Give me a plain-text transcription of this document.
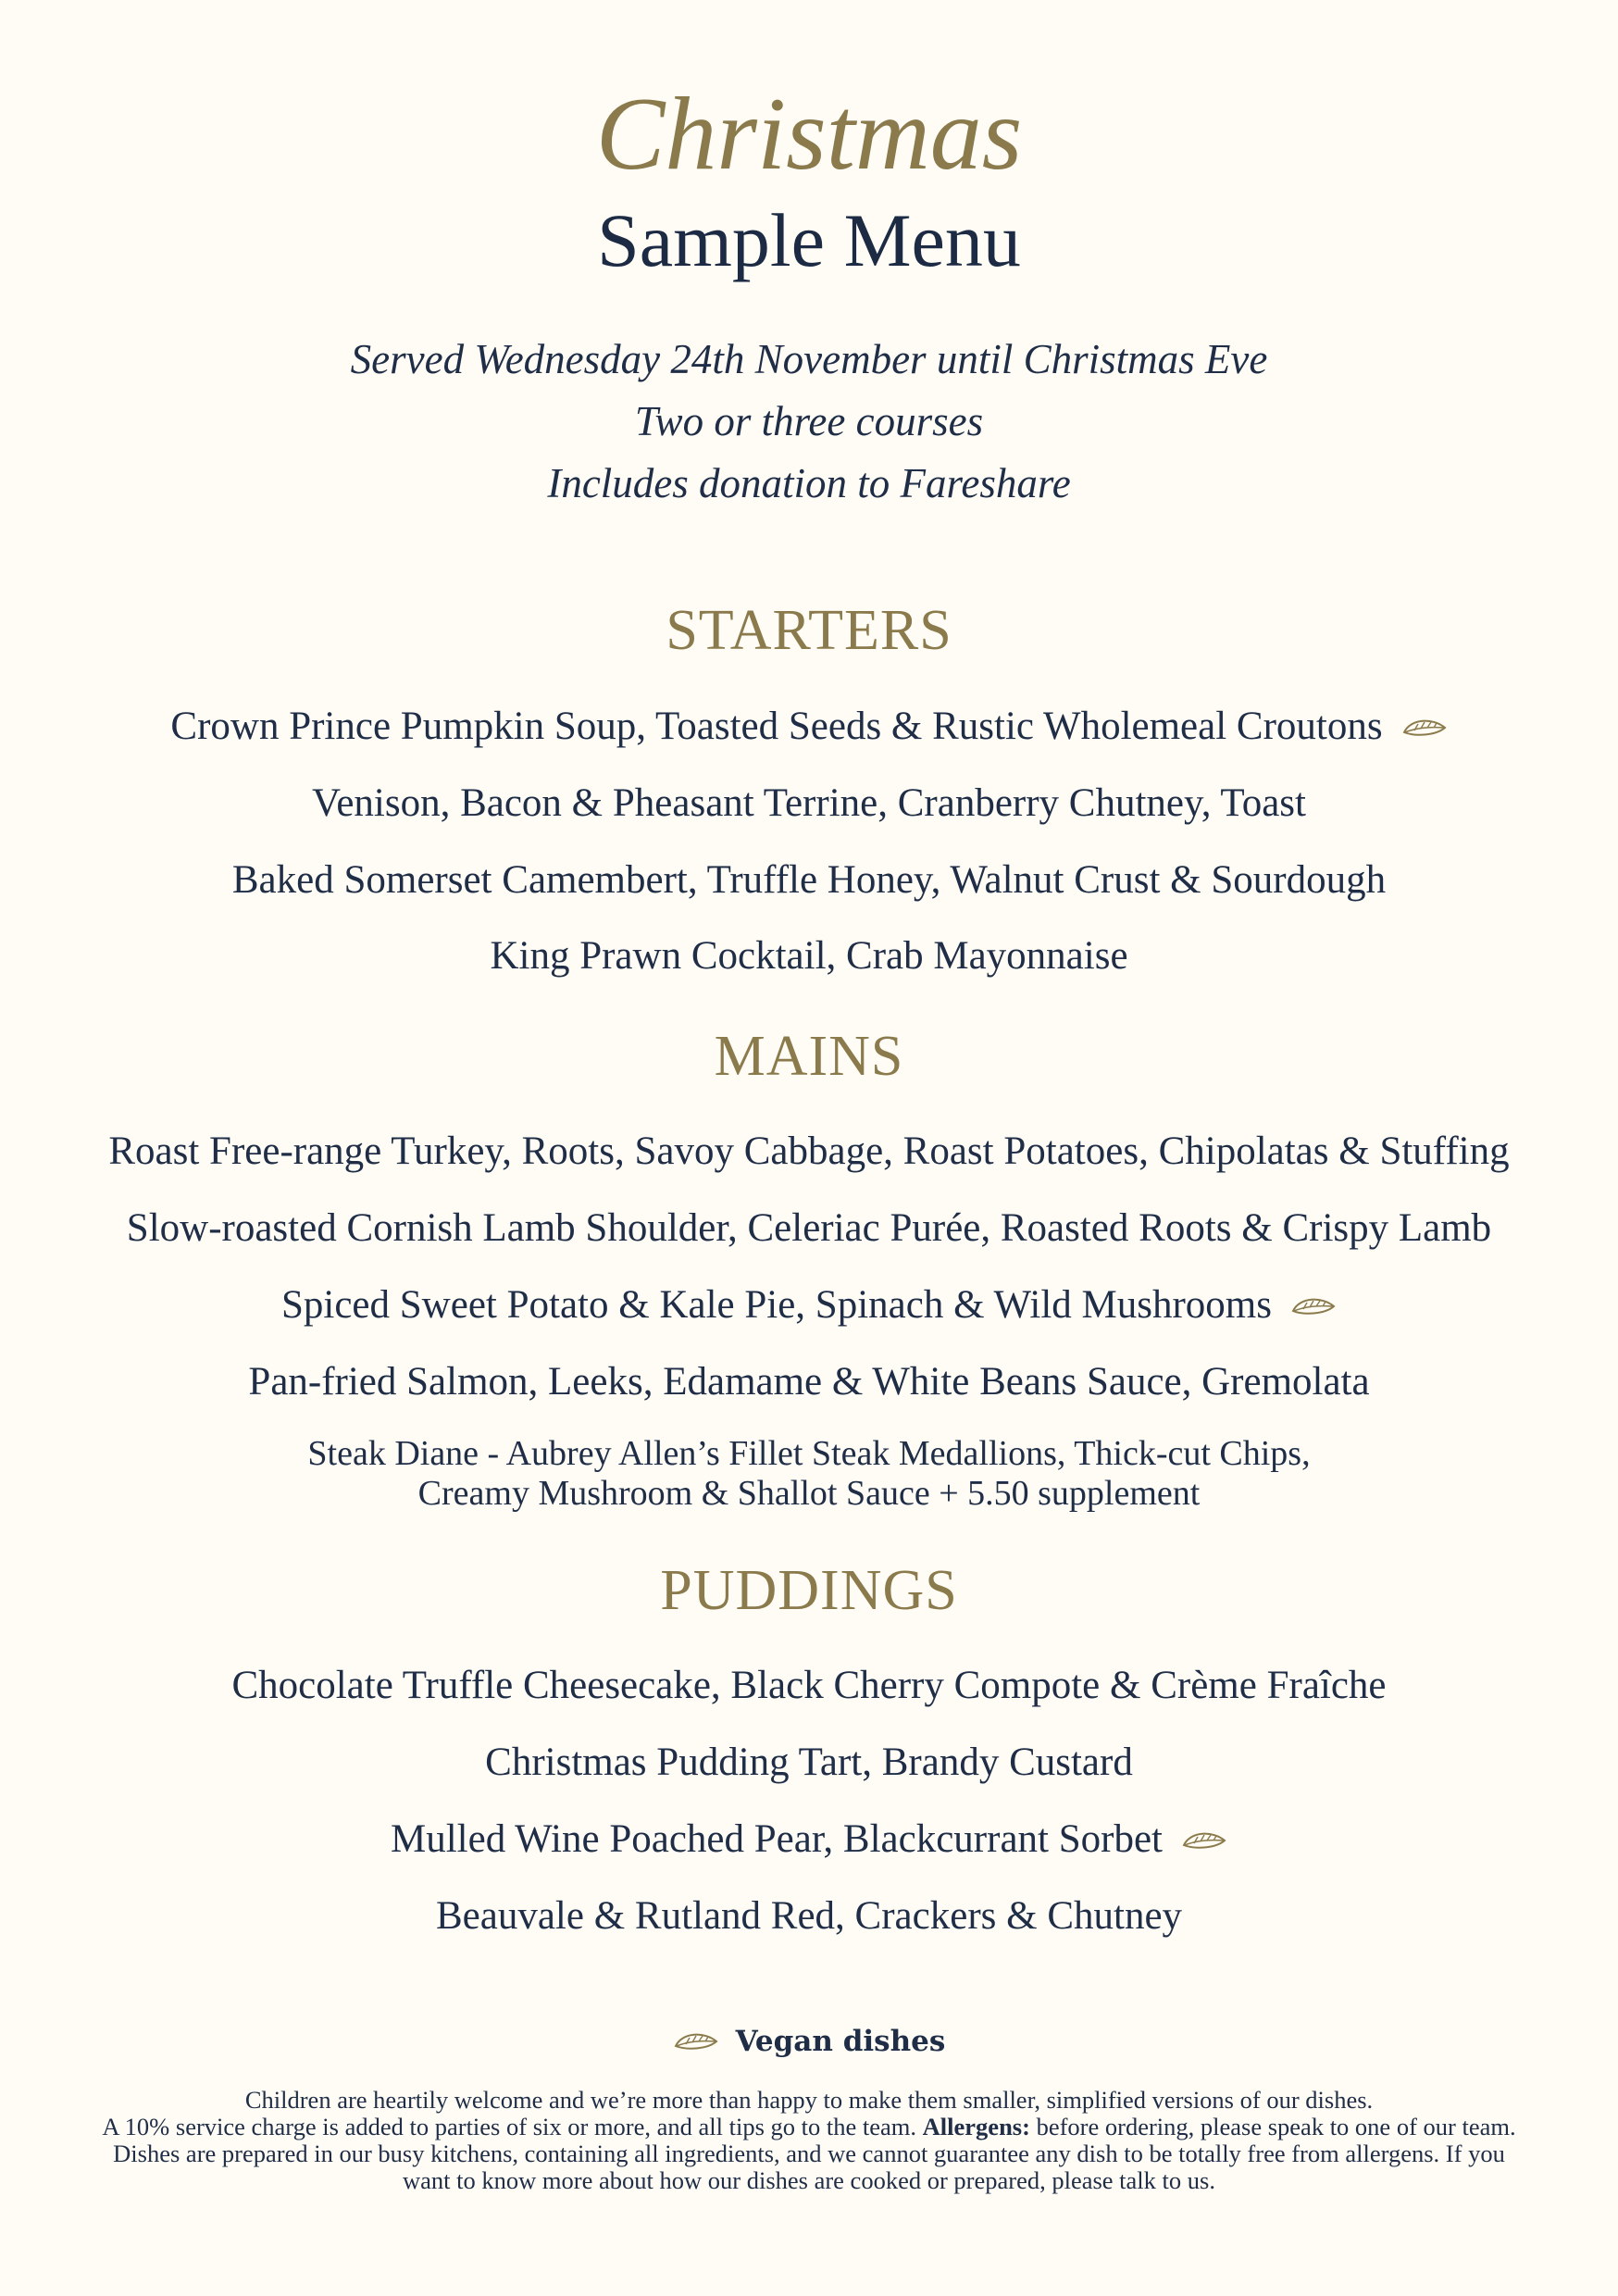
Christmas
Sample Menu
Served Wednesday 24th November until Christmas Eve
Two or three courses
Includes donation to Fareshare
STARTERS
Crown Prince Pumpkin Soup, Toasted Seeds & Rustic Wholemeal Croutons
Venison, Bacon & Pheasant Terrine, Cranberry Chutney, Toast
Baked Somerset Camembert, Truffle Honey, Walnut Crust & Sourdough
King Prawn Cocktail, Crab Mayonnaise
MAINS
Roast Free-range Turkey, Roots, Savoy Cabbage, Roast Potatoes, Chipolatas & Stuffing
Slow-roasted Cornish Lamb Shoulder, Celeriac Purée, Roasted Roots & Crispy Lamb
Spiced Sweet Potato & Kale Pie, Spinach & Wild Mushrooms
Pan-fried Salmon, Leeks, Edamame & White Beans Sauce, Gremolata
Steak Diane - Aubrey Allen’s Fillet Steak Medallions, Thick-cut Chips,
Creamy Mushroom & Shallot Sauce + 5.50 supplement
PUDDINGS
Chocolate Truffle Cheesecake, Black Cherry Compote & Crème Fraîche
Christmas Pudding Tart, Brandy Custard
Mulled Wine Poached Pear, Blackcurrant Sorbet
Beauvale & Rutland Red, Crackers & Chutney
Vegan dishes
Children are heartily welcome and we’re more than happy to make them smaller, simplified versions of our dishes.
A 10% service charge is added to parties of six or more, and all tips go to the team. Allergens: before ordering, please speak to one of our team. Dishes are prepared in our busy kitchens, containing all ingredients, and we cannot guarantee any dish to be totally free from allergens. If you want to know more about how our dishes are cooked or prepared, please talk to us.
